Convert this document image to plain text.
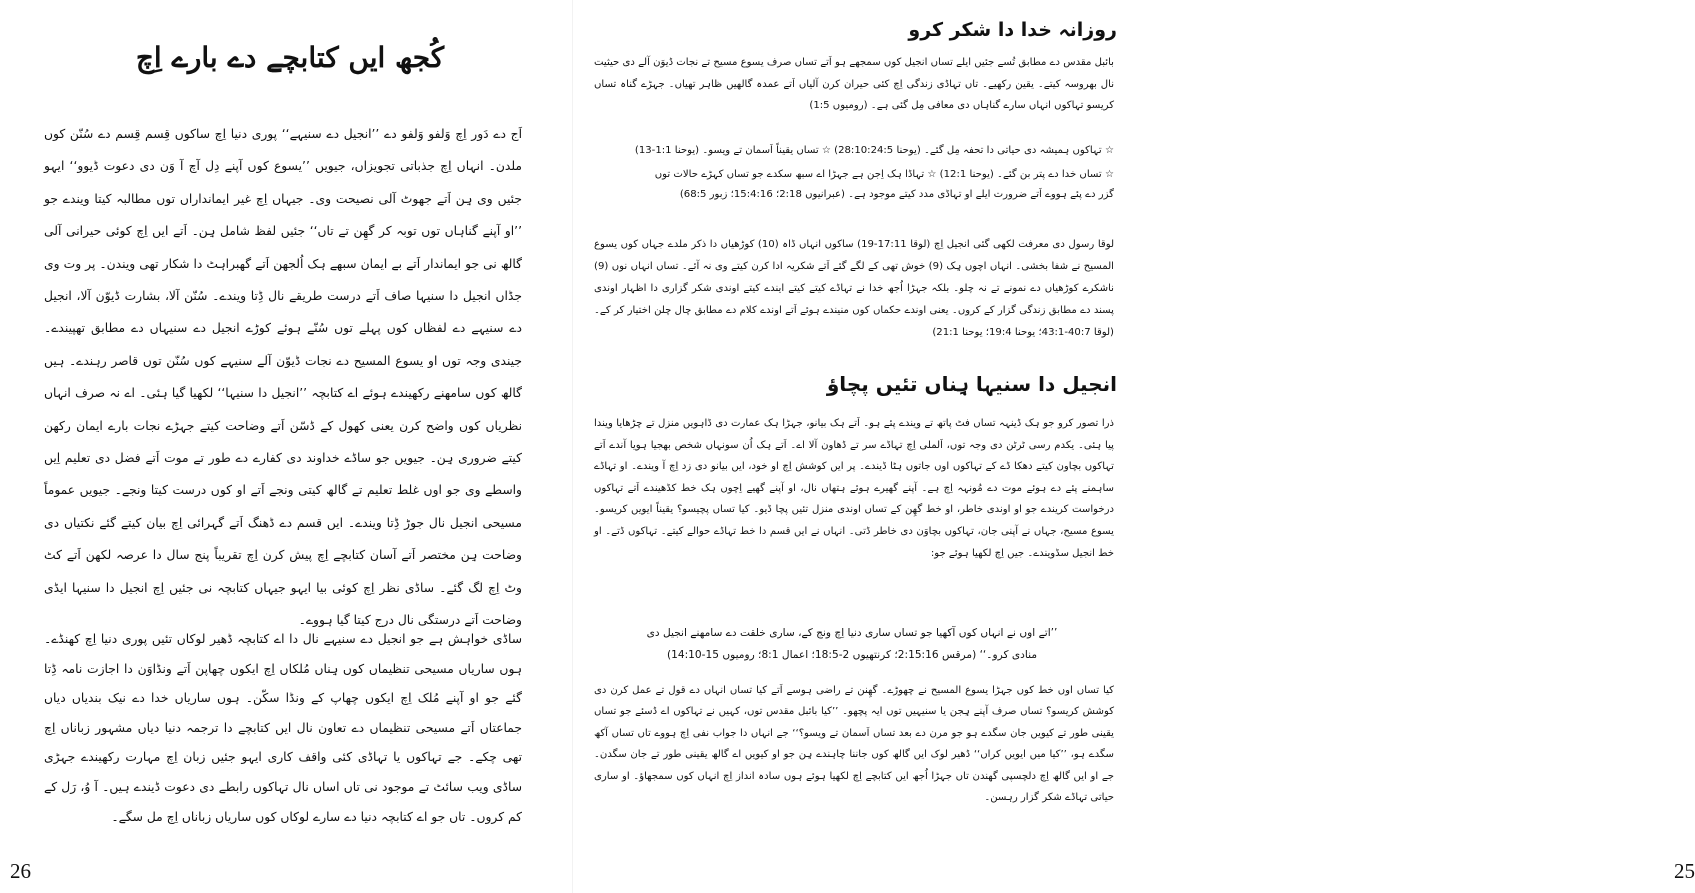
کُجھ ایں کتابچے دے بارے اِچ

اَج دے دَور اِچ وَلفو وَلفو دے ’’انجیل دے سنیہے‘‘ پوری دنیا اِچ ساکوں قِسم قِسم دے سُنّن کوں ملدن۔ انہاں اِچ جذباتی تجویزاں، جیویں ’’یسوع کوں آپنے دِل آچ آ وَن دی دعوت ڈیوو‘‘ ایہو جئیں وی ہِن اَتے جھوٹ آلی نصیحت وی۔ جیہاں اِچ غیر ایمانداراں توں مطالبہ کیتا ویندے جو ’’او آپنے گناہاں توں توبہ کر گھِن تے تاں‘‘ جئیں لفظ شامل ہِن۔ اَتے ایں اِچ کوئی حیرانی آلی گالھ نی جو ایماندار اَتے بے ایمان سبھے ہک اُلجھن اَتے گھبراہٹ دا شکار تھی ویندن۔ پر وت وی جڈاں انجیل دا سنیہا صاف اَتے درست طریقے نال ڈِتا ویندے۔ سُنّن آلا، بشارت ڈیوّن آلا، انجیل دے سنیہے دے لفظاں کوں پہلے توں سُنّے ہوئے کوڑے انجیل دے سنیہاں دے مطابق تھپیندے۔ جیندی وجہ توں او یسوع المسیح دے نجات ڈیوّن آلے سنیہے کوں سُنّن توں قاصر رہندے۔ ہیں گالھ کوں سامھنے رکھیندے ہوئے اے کتابچہ ’’انجیل دا سنیہا‘‘ لکھیا گیا ہئی۔ اے نہ صرف انہاں نظریاں کوں واضح کرن یعنی کھول کے ڈسّن اَتے وضاحت کیتے جہڑے نجات بارے ایمان رکھن کیتے ضروری ہِن۔ جیویں جو ساڈے خداوند دی کفارے دے طور تے موت اَتے فضل دی تعلیم اِیں واسطے وی جو اوں غلط تعلیم تے گالھ کیتی ونجے اَتے او کوں درست کیتا ونجے۔ جیویں عموماً مسیحی انجیل نال جوڑ ڈِتا ویندے۔ ایں قسم دے ڈھنگ اَتے گہرائی اِچ بیان کیتے گئے نکتیاں دی وضاحت ہِن مختصر اَتے آسان کتابچے اِچ پیش کرن اِچ تقریباً پنج سال دا عرصہ لکھن اَتے کٹ وٹ اِچ لگ گئے۔ ساڈی نظر اِچ کوئی بیا ایہو جیہاں کتابچہ نی جئیں اِچ انجیل دا سنیہا ایڈی وضاحت اَتے درستگی نال درج کیتا گیا ہووے۔

ساڈی خواہش ہے جو انجیل دے سنیہے نال دا اے کتابچہ ڈھیر لوکاں تئیں پوری دنیا اِچ کھنڈے۔ ہوں ساریاں مسیحی تنظیماں کوں ہِناں مُلکاں اِچ ایکوں چھاپن اَتے ونڈاوَن دا اجازت نامہ ڈِتا گئے جو او آپنے مُلک اِچ ایکوں چھاپ کے ونڈا سکّن۔ ہوں ساریاں خدا دے نیک بندیاں دیاں جماعتاں اَتے مسیحی تنظیماں دے تعاون نال ایں کتابچے دا ترجمہ دنیا دیاں مشہور زباناں اِچ تھی چکے۔ جے تہاکوں یا تہاڈی کئی واقف کاری ایہو جئیں زبان اِچ مہارت رکھیندے جہڑی ساڈی ویب سائٹ تے موجود نی تاں اساں نال تہاکوں رابطے دی دعوت ڈیندے ہیں۔ آ وُ، رَل کے کم کروں۔ تاں جو اے کتابچہ دنیا دے سارے لوکاں کوں ساریاں زباناں اِچ مل سگے۔

26

روزانہ خدا دا شکر کرو

بائبل مقدس دے مطابق تُسے جئیں ایلے تساں انجیل کوں سمجھے ہو اَتے تساں صرف یسوع مسیح تے نجات ڈیوَن آلے دی حیثیت نال بھروسہ کیتے۔ یقین رکھیے۔ تاں تہاڈی زندگی اِچ کئی حیران کرن آلیاں اَتے عمدہ گالھیں ظاہر تھیاں۔ جہڑے گناہ تساں کریسو تہاکوں انہاں سارے گناہاں دی معافی مِل گئی ہے۔ (رومیوں 1:5)

☆ تہاکوں ہمیشہ دی حیاتی دا تحفہ مِل گئے۔ (یوحنا 28:10:24:5) ☆ تساں یقیناً اَسمان تے ویسو۔ (یوحنا 1:1-13)

☆ تساں خدا دے پتر بن گئے۔ (یوحنا 12:1) ☆ تہاڈا ہک اِجن ہے جہڑا اے سبھ سکدے جو تساں کہڑے حالات توں

گزر دے پئے ہووے اَتے ضرورت ایلے او تہاڈی مدد کیتے موجود ہے۔ (عبرانیوں 2:18؛ 15:4:16؛ زبور 68:5)

لوقا رسول دی معرفت لکھی گئی انجیل اِچ (لوقا 17:11-19) ساکوں انہاں ڈاہ (10) کوڑھیاں دا ذکر ملدے جہاں کوں یسوع المسیح نے شفا بخشی۔ انہاں اچوں ہِک (9) خوش تھی کے لگے گئے اَتے شکریہ ادا کرن کیتے وی نہ آئے۔ تساں انہاں نوں (9) ناشکرے کوڑھیاں دے نمونے تے نہ چلو۔ بلکہ جہڑا اُجھ خدا نے تہاڈے کیتے کیتے ایندے کیتے اوندی شکر گزاری دا اظہار اوندی پسند دے مطابق زندگی گزار کے کروں۔ یعنی اوندے حکماں کوں منیندے ہوئے اَتے اوندے کلام دے مطابق چال چلن اختیار کر کے۔ (لوقا 40:7-43:1؛ یوحنا 19:4؛ یوحنا 21:1)

انجیل دا سنیہا ہِناں تئیں پچاؤ

ذرا تصور کرو جو ہک ڈینہہ تساں فٹ پاتھ تے ویندے پئے ہو۔ اَتے ہک بیانو، جہڑا ہک عمارت دی ڈاہویں منزل تے چڑھایا ویندا پیا ہئی۔ یکدم رسی ٹرٹن دی وجہ توں، اَلملی اِچ تہاڈے سر تے ڈھاون آلا اے۔ اَتے ہک اُن سونہاں شخص بھجیا ہویا آندے اَتے تہاکوں بچاون کیتے دھکا ڈے کے تہاکوں اوں جاتوں ہٹا ڈیندے۔ پر ایں کوشش اِچ او خود، ایں بیانو دی زد اِچ آ ویندے۔ او تہاڈے ساہمنے پئے دے ہوئے موت دے مُونہہ اِچ ہے۔ آپنے گھیرے ہوئے ہتھاں نال، او آپنے گھیے اِچوں ہک خط کڈھیندے اَتے تہاکوں درخواست کریندے جو او اوندی خاطر، او خط گھِن کے تساں اوندی منزل تئیں پچا ڈیو۔ کیا تساں پچیسو؟ یقیناً ایویں کریسو۔ یسوع مسیح، جہاں نے آپنی جان، تہاکوں بچاوَن دی خاطر ڈتی۔ انہاں نے ایں قسم دا خط تہاڈے حوالے کیتے۔ تہاکوں ڈتے۔ او خط انجیل سڈویندے۔ جیں اِچ لکھیا ہوئے جو:

’’اتے اوں نے انہاں کوں آکھیا جو تساں ساری دنیا اِچ ونج کے، ساری خلقت دے سامھنے انجیل دی منادی کرو۔‘‘ (مرقس 2:15:16؛ کرنتھیوں 2-18:5؛ اعمال 8:1؛ رومیوں 15-14:10)

کیا تساں اوں خط کوں جہڑا یسوع المسیح نے چھوڑے۔ گھِنن تے راضی ہوسے اَتے کیا تساں انہاں دے قول تے عمل کرن دی کوشش کریسو؟ تساں صرف آپنے ہِجن یا سنیہیں توں ایہ پچھو۔ ’’کیا بائبل مقدس توں، کہیں نے تہاکوں اے ڈسئے جو تساں یقینی طور تے کیویں جان سگدے ہو جو مرن دے بعد تساں اَسمان تے ویسو؟‘‘ جے انہاں دا جواب نفی اِچ ہووے تاں تساں آکھ سگدے ہو، ’’کیا میں ایویں کراں‘‘ ڈھیر لوک ایں گالھ کوں جاننا چاہندے ہِن جو او کیویں اے گالھ یقینی طور تے جان سگدن۔ جے او ایں گالھ اِچ دلچسپی گھندن تاں جہڑا اُجھ ایں کتابچے اِچ لکھیا ہوئے ہوں سادہ انداز اِچ انہاں کوں سمجھاؤ۔ او ساری حیاتی تہاڈے شکر گزار رہسن۔

25
